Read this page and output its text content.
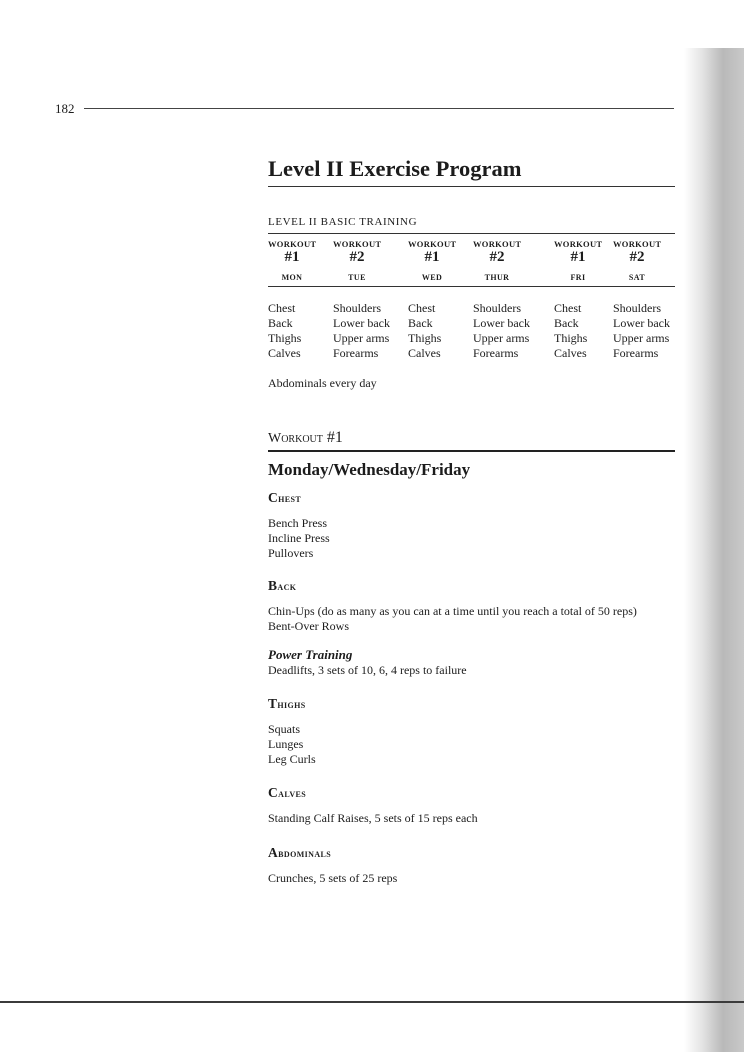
182
Level II Exercise Program
LEVEL II BASIC TRAINING
WORKOUT
#1
MON
Chest
Back
Thighs
Calves
WORKOUT
#2
TUE
Shoulders
Lower back
Upper arms
Forearms
WORKOUT
#1
WED
Chest
Back
Thighs
Calves
WORKOUT
#2
THUR
Shoulders
Lower back
Upper arms
Forearms
WORKOUT
#1
FRI
Chest
Back
Thighs
Calves
WORKOUT
#2
SAT
Shoulders
Lower back
Upper arms
Forearms
Abdominals every day
Workout #1
Monday/Wednesday/Friday
Chest
Bench Press
Incline Press
Pullovers
Back
Chin-Ups (do as many as you can at a time until you reach a total of 50 reps)
Bent-Over Rows
Power Training
Deadlifts, 3 sets of 10, 6, 4 reps to failure
Thighs
Squats
Lunges
Leg Curls
Calves
Standing Calf Raises, 5 sets of 15 reps each
Abdominals
Crunches, 5 sets of 25 reps
